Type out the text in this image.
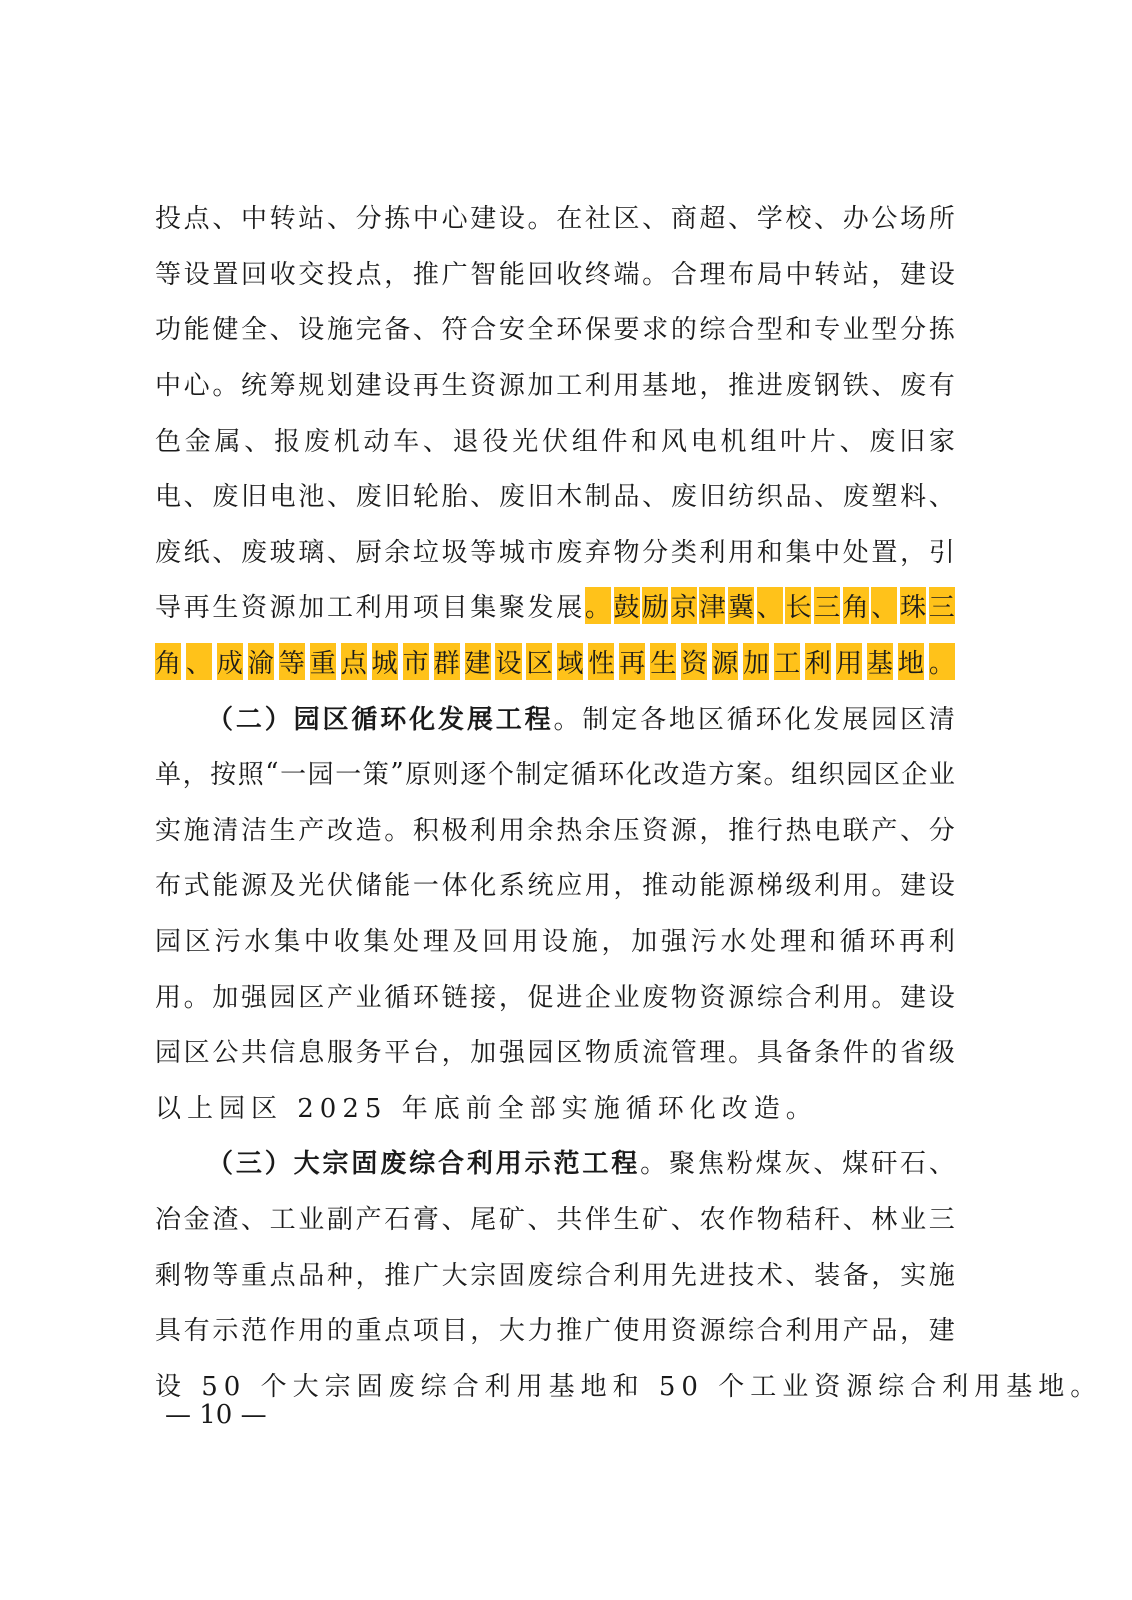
投 点 、 中 转 站 、 分 拣 中 心 建 设 。 在 社 区 、 商 超 、 学 校 、 办 公 场 所
等 设 置 回 收 交 投 点 ， 推 广 智 能 回 收 终 端 。 合 理 布 局 中 转 站 ， 建 设
功 能 健 全 、 设 施 完 备 、 符 合 安 全 环 保 要 求 的 综 合 型 和 专 业 型 分 拣
中 心 。 统 筹 规 划 建 设 再 生 资 源 加 工 利 用 基 地 ， 推 进 废 钢 铁 、 废 有
色 金 属 、 报 废 机 动 车 、 退 役 光 伏 组 件 和 风 电 机 组 叶 片 、 废 旧 家
电 、 废 旧 电 池 、 废 旧 轮 胎 、 废 旧 木 制 品 、 废 旧 纺 织 品 、 废 塑 料 、
废 纸 、 废 玻 璃 、 厨 余 垃 圾 等 城 市 废 弃 物 分 类 利 用 和 集 中 处 置 ， 引
导 再 生 资 源 加 工 利 用 项 目 集 聚 发 展 。 鼓 励 京 津 冀 、 长 三 角 、 珠 三
角 、 成 渝 等 重 点 城 市 群 建 设 区 域 性 再 生 资 源 加 工 利 用 基 地 。
（ 二 ） 园 区 循 环 化 发 展 工 程 。 制 定 各 地 区 循 环 化 发 展 园 区 清
单 ， 按 照 “ 一 园 一 策 ” 原 则 逐 个 制 定 循 环 化 改 造 方 案 。 组 织 园 区 企 业
实 施 清 洁 生 产 改 造 。 积 极 利 用 余 热 余 压 资 源 ， 推 行 热 电 联 产 、 分
布 式 能 源 及 光 伏 储 能 一 体 化 系 统 应 用 ， 推 动 能 源 梯 级 利 用 。 建 设
园 区 污 水 集 中 收 集 处 理 及 回 用 设 施 ， 加 强 污 水 处 理 和 循 环 再 利
用 。 加 强 园 区 产 业 循 环 链 接 ， 促 进 企 业 废 物 资 源 综 合 利 用 。 建 设
园 区 公 共 信 息 服 务 平 台 ， 加 强 园 区 物 质 流 管 理 。 具 备 条 件 的 省 级
以上园区 2025 年底前全部实施循环化改造。
（ 三 ） 大 宗 固 废 综 合 利 用 示 范 工 程 。 聚 焦 粉 煤 灰 、 煤 矸 石 、
冶 金 渣 、 工 业 副 产 石 膏 、 尾 矿 、 共 伴 生 矿 、 农 作 物 秸 秆 、 林 业 三
剩 物 等 重 点 品 种 ， 推 广 大 宗 固 废 综 合 利 用 先 进 技 术 、 装 备 ， 实 施
具 有 示 范 作 用 的 重 点 项 目 ， 大 力 推 广 使 用 资 源 综 合 利 用 产 品 ， 建
设 50 个大宗固废综合利用基地和 50 个工业资源综合利用基地。
— 10 —
